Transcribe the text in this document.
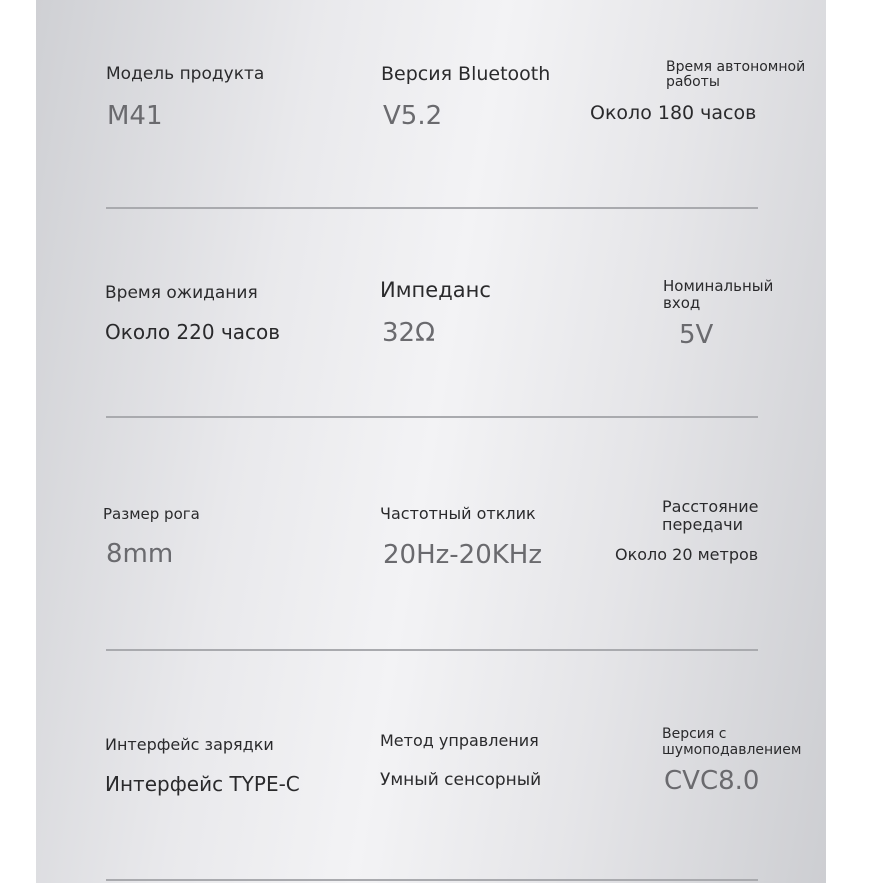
Модель продукта
M41
Версия Bluetooth
V5.2
Время автономной
работы
Около 180 часов
Время ожидания
Около 220 часов
Импеданс
32Ω
Номинальный
вход
5V
Размер рога
8mm
Частотный отклик
20Hz-20KHz
Расстояние
передачи
Около 20 метров
Интерфейс зарядки
Интерфейс TYPE-C
Метод управления
Умный сенсорный
Версия с
шумоподавлением
CVC8.0
